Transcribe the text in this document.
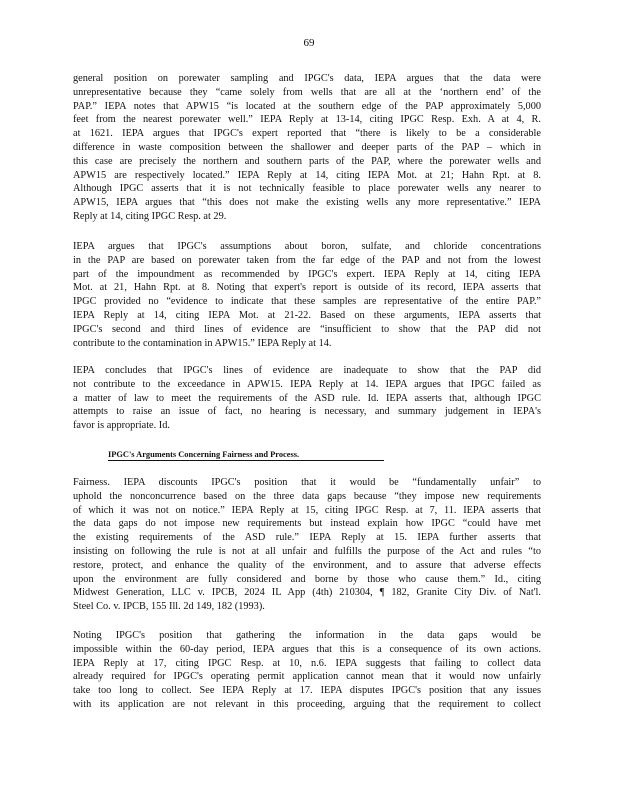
69
general position on porewater sampling and IPGC's data, IEPA argues that the data were
unrepresentative because they “came solely from wells that are all at the ‘northern end’ of the
PAP.” IEPA notes that APW15 “is located at the southern edge of the PAP approximately 5,000
feet from the nearest porewater well.” IEPA Reply at 13-14, citing IPGC Resp. Exh. A at 4, R.
at 1621. IEPA argues that IPGC's expert reported that “there is likely to be a considerable
difference in waste composition between the shallower and deeper parts of the PAP – which in
this case are precisely the northern and southern parts of the PAP, where the porewater wells and
APW15 are respectively located.” IEPA Reply at 14, citing IEPA Mot. at 21; Hahn Rpt. at 8.
Although IPGC asserts that it is not technically feasible to place porewater wells any nearer to
APW15, IEPA argues that “this does not make the existing wells any more representative.” IEPA
Reply at 14, citing IPGC Resp. at 29.
IEPA argues that IPGC's assumptions about boron, sulfate, and chloride concentrations
in the PAP are based on porewater taken from the far edge of the PAP and not from the lowest
part of the impoundment as recommended by IPGC's expert. IEPA Reply at 14, citing IEPA
Mot. at 21, Hahn Rpt. at 8. Noting that expert's report is outside of its record, IEPA asserts that
IPGC provided no “evidence to indicate that these samples are representative of the entire PAP.”
IEPA Reply at 14, citing IEPA Mot. at 21-22. Based on these arguments, IEPA asserts that
IPGC's second and third lines of evidence are “insufficient to show that the PAP did not
contribute to the contamination in APW15.” IEPA Reply at 14.
IEPA concludes that IPGC's lines of evidence are inadequate to show that the PAP did
not contribute to the exceedance in APW15. IEPA Reply at 14. IEPA argues that IPGC failed as
a matter of law to meet the requirements of the ASD rule. Id. IEPA asserts that, although IPGC
attempts to raise an issue of fact, no hearing is necessary, and summary judgement in IEPA's
favor is appropriate. Id.
IPGC's Arguments Concerning Fairness and Process.
Fairness. IEPA discounts IPGC's position that it would be “fundamentally unfair” to
uphold the nonconcurrence based on the three data gaps because “they impose new requirements
of which it was not on notice.” IEPA Reply at 15, citing IPGC Resp. at 7, 11. IEPA asserts that
the data gaps do not impose new requirements but instead explain how IPGC “could have met
the existing requirements of the ASD rule.” IEPA Reply at 15. IEPA further asserts that
insisting on following the rule is not at all unfair and fulfills the purpose of the Act and rules “to
restore, protect, and enhance the quality of the environment, and to assure that adverse effects
upon the environment are fully considered and borne by those who cause them.” Id., citing
Midwest Generation, LLC v. IPCB, 2024 IL App (4th) 210304, ¶ 182, Granite City Div. of Nat'l.
Steel Co. v. IPCB, 155 Ill. 2d 149, 182 (1993).
Noting IPGC's position that gathering the information in the data gaps would be
impossible within the 60-day period, IEPA argues that this is a consequence of its own actions.
IEPA Reply at 17, citing IPGC Resp. at 10, n.6. IEPA suggests that failing to collect data
already required for IPGC's operating permit application cannot mean that it would now unfairly
take too long to collect. See IEPA Reply at 17. IEPA disputes IPGC's position that any issues
with its application are not relevant in this proceeding, arguing that the requirement to collect
